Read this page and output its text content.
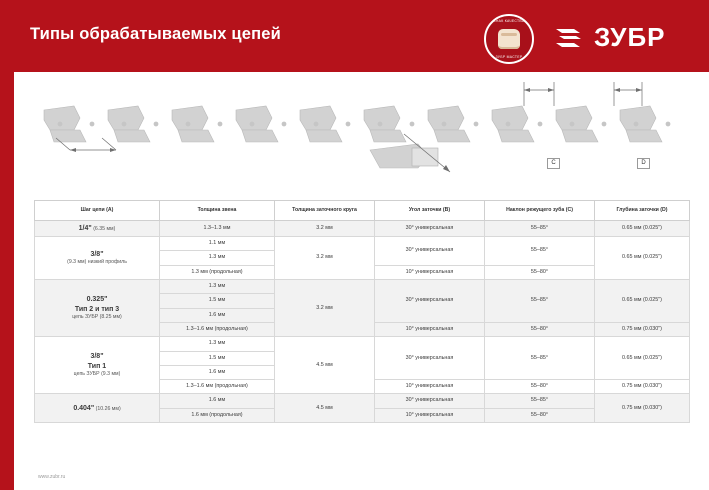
Типы обрабатываемых цепей
ЗНАК КАЧЕСТВА
ЗУБР МАСТЕР
ЗУБР
C	D
Шаг цепи (A)	Толщина звена	Толщина заточного круга	Угол заточки (B)	Наклон режущего зуба (C)	Глубина заточки (D)
1/4" (6.35 мм)	1.3–1.3 мм	3.2 мм	30° универсальная	55–85°	0.65 мм (0.025")

3/8"
(9.3 мм) низкий профиль	1.1 мм	3.2 мм	30° универсальная	55–85°	0.65 мм (0.025")
	1.3 мм				
	1.3 мм (продольная)		10° универсальная	55–80°	

0.325"
Тип 2 и тип 3
цепь ЗУБР (8.25 мм)	1.3 мм	3.2 мм	30° универсальная	55–85°	0.65 мм (0.025")
	1.5 мм				
	1.6 мм				
	1.3–1.6 мм (продольная)		10° универсальная	55–80°	0.75 мм (0.030")

3/8"
Тип 1
цепь ЗУБР (9.3 мм)	1.3 мм	4.5 мм	30° универсальная	55–85°	0.65 мм (0.025")
	1.5 мм				
	1.6 мм				
	1.3–1.6 мм (продольная)		10° универсальная	55–80°	0.75 мм (0.030")
0.404" (10.26 мм)	1.6 мм	4.5 мм	30° универсальная	55–85°	0.75 мм (0.030")
	1.6 мм (продольная)		10° универсальная	55–80°	
www.zubr.ru
